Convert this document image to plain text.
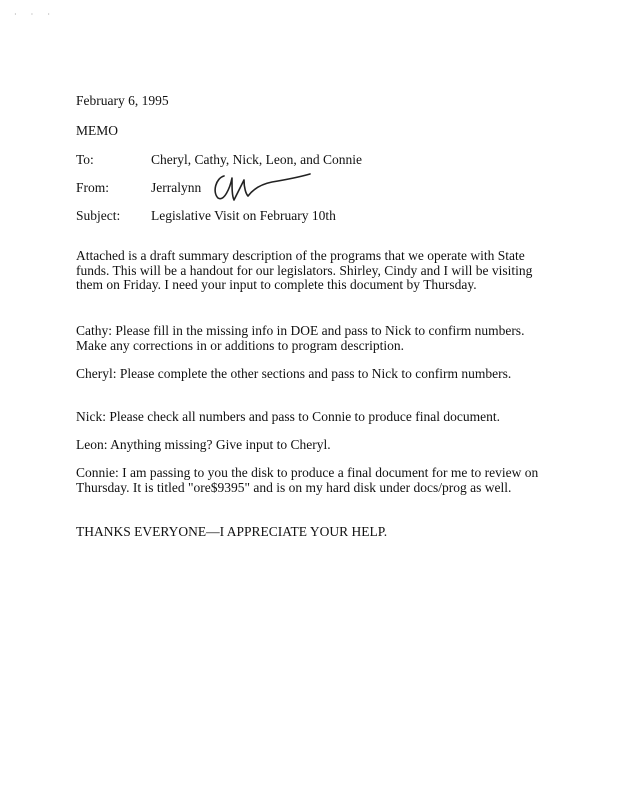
· · ·
February 6, 1995
MEMO
To:	Cheryl, Cathy, Nick, Leon, and Connie
From:	Jerralynn
Subject: Legislative Visit on February 10th

Attached is a draft summary description of the programs that we operate with State funds. This will be a handout for our legislators. Shirley, Cindy and I will be visiting them on Friday. I need your input to complete this document by Thursday.

Cathy: Please fill in the missing info in DOE and pass to Nick to confirm numbers. Make any corrections in or additions to program description.

Cheryl: Please complete the other sections and pass to Nick to confirm numbers.

Nick: Please check all numbers and pass to Connie to produce final document.

Leon: Anything missing? Give input to Cheryl.

Connie: I am passing to you the disk to produce a final document for me to review on Thursday. It is titled "ore$9395" and is on my hard disk under docs/prog as well.

THANKS EVERYONE—I APPRECIATE YOUR HELP.
